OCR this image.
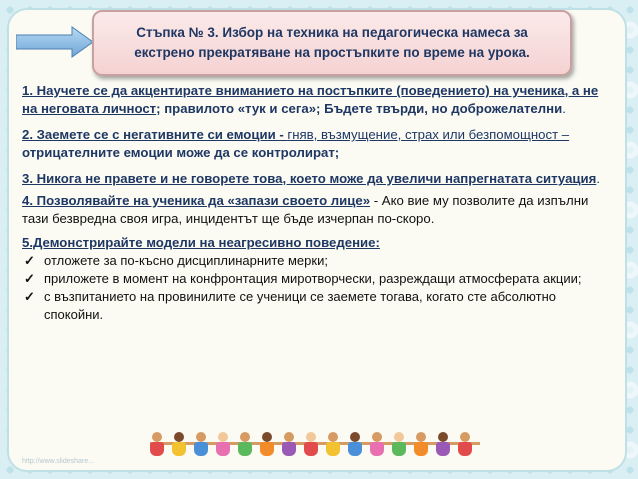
Стъпка № 3. Избор на техника на педагогическа намеса за
екстрено прекратяване на простъпките по време на урока.
1. Научете се да акцентирате вниманието на постъпките (поведението) на ученика, а не на неговата личност; правилото «тук и сега»; Бъдете твърди, но доброжелателни.
2. Заемете се с негативните си емоции - гняв, възмущение, страх или безпомощност –
отрицателните емоции може да се контролират;
3. Никога не правете и не говорете това, което може да увеличи напрегнатата ситуация.
4. Позволявайте на ученика да «запази своето лице» - Ако вие му позволите да изпълни тази безвредна своя игра, инцидентът ще бъде изчерпан по-скоро.
5.Демонстрирайте модели на неагресивно поведение:
✓ отложете за по-късно дисциплинарните мерки;
✓ приложете в момент на конфронтация миротворчески, разреждащи атмосферата акции;
✓ с възпитанието на провинилите се ученици се заемете тогава, когато сте абсолютно спокойни.
http://www.slideshare...
